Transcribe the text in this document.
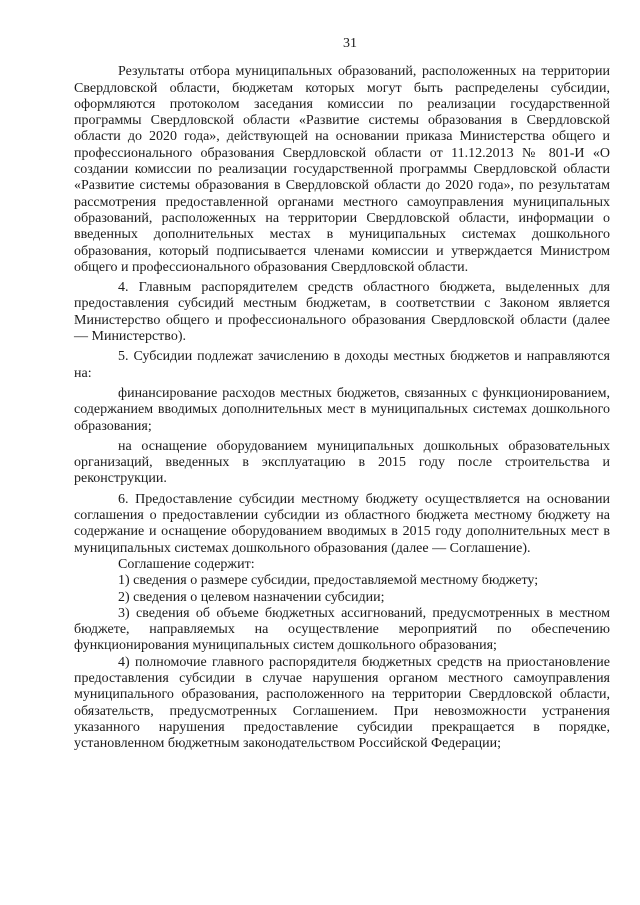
31

Результаты отбора муниципальных образований, расположенных на территории Свердловской области, бюджетам которых могут быть распределены субсидии, оформляются протоколом заседания комиссии по реализации государственной программы Свердловской области «Развитие системы образования в Свердловской области до 2020 года», действующей на основании приказа Министерства общего и профессионального образования Свердловской области от 11.12.2013 № 801-И «О создании комиссии по реализации государственной программы Свердловской области «Развитие системы образования в Свердловской области до 2020 года», по результатам рассмотрения предоставленной органами местного самоуправления муниципальных образований, расположенных на территории Свердловской области, информации о введенных дополнительных местах в муниципальных системах дошкольного образования, который подписывается членами комиссии и утверждается Министром общего и профессионального образования Свердловской области.

4. Главным распорядителем средств областного бюджета, выделенных для предоставления субсидий местным бюджетам, в соответствии с Законом является Министерство общего и профессионального образования Свердловской области (далее — Министерство).

5. Субсидии подлежат зачислению в доходы местных бюджетов и направляются на:

финансирование расходов местных бюджетов, связанных с функционированием, содержанием вводимых дополнительных мест в муниципальных системах дошкольного образования;

на оснащение оборудованием муниципальных дошкольных образовательных организаций, введенных в эксплуатацию в 2015 году после строительства и реконструкции.

6. Предоставление субсидии местному бюджету осуществляется на основании соглашения о предоставлении субсидии из областного бюджета местному бюджету на содержание и оснащение оборудованием вводимых в 2015 году дополнительных мест в муниципальных системах дошкольного образования (далее — Соглашение).

Соглашение содержит:

1) сведения о размере субсидии, предоставляемой местному бюджету;

2) сведения о целевом назначении субсидии;

3) сведения об объеме бюджетных ассигнований, предусмотренных в местном бюджете, направляемых на осуществление мероприятий по обеспечению функционирования муниципальных систем дошкольного образования;

4) полномочие главного распорядителя бюджетных средств на приостановление предоставления субсидии в случае нарушения органом местного самоуправления муниципального образования, расположенного на территории Свердловской области, обязательств, предусмотренных Соглашением. При невозможности устранения указанного нарушения предоставление субсидии прекращается в порядке, установленном бюджетным законодательством Российской Федерации;
